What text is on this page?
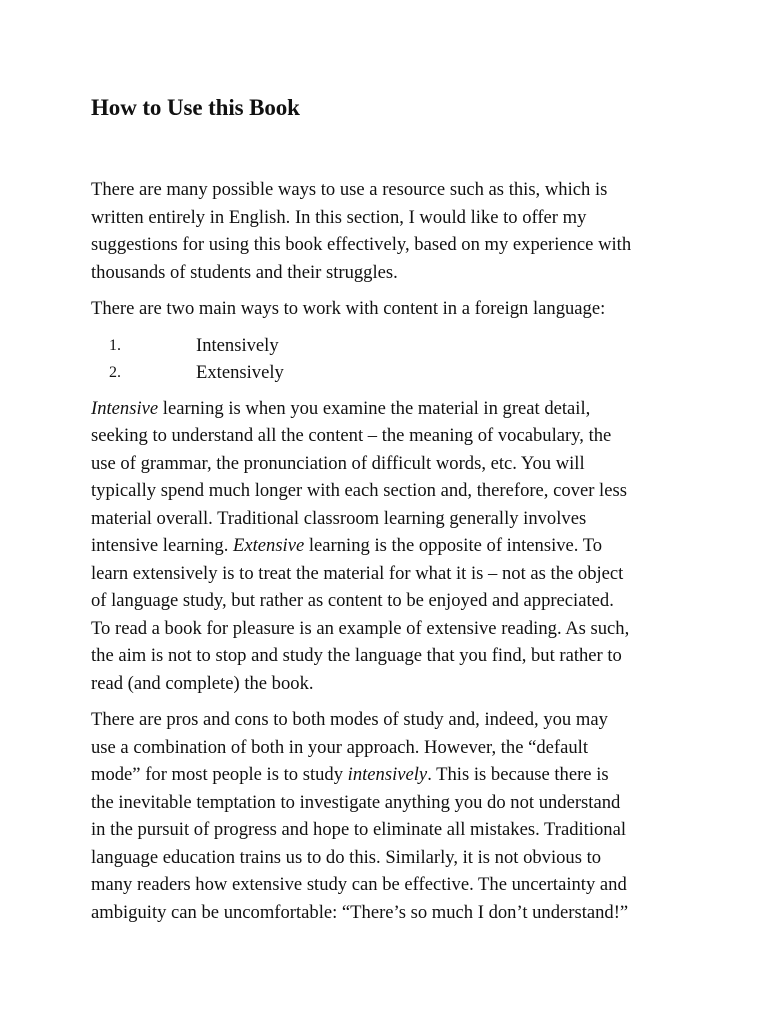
How to Use this Book
There are many possible ways to use a resource such as this, which is
written entirely in English. In this section, I would like to offer my
suggestions for using this book effectively, based on my experience with
thousands of students and their struggles.
There are two main ways to work with content in a foreign language:
1.	Intensively
2.	Extensively
Intensive learning is when you examine the material in great detail,
seeking to understand all the content – the meaning of vocabulary, the
use of grammar, the pronunciation of difficult words, etc. You will
typically spend much longer with each section and, therefore, cover less
material overall. Traditional classroom learning generally involves
intensive learning. Extensive learning is the opposite of intensive. To
learn extensively is to treat the material for what it is – not as the object
of language study, but rather as content to be enjoyed and appreciated.
To read a book for pleasure is an example of extensive reading. As such,
the aim is not to stop and study the language that you find, but rather to
read (and complete) the book.
There are pros and cons to both modes of study and, indeed, you may
use a combination of both in your approach. However, the “default
mode” for most people is to study intensively. This is because there is
the inevitable temptation to investigate anything you do not understand
in the pursuit of progress and hope to eliminate all mistakes. Traditional
language education trains us to do this. Similarly, it is not obvious to
many readers how extensive study can be effective. The uncertainty and
ambiguity can be uncomfortable: “There’s so much I don’t understand!”
